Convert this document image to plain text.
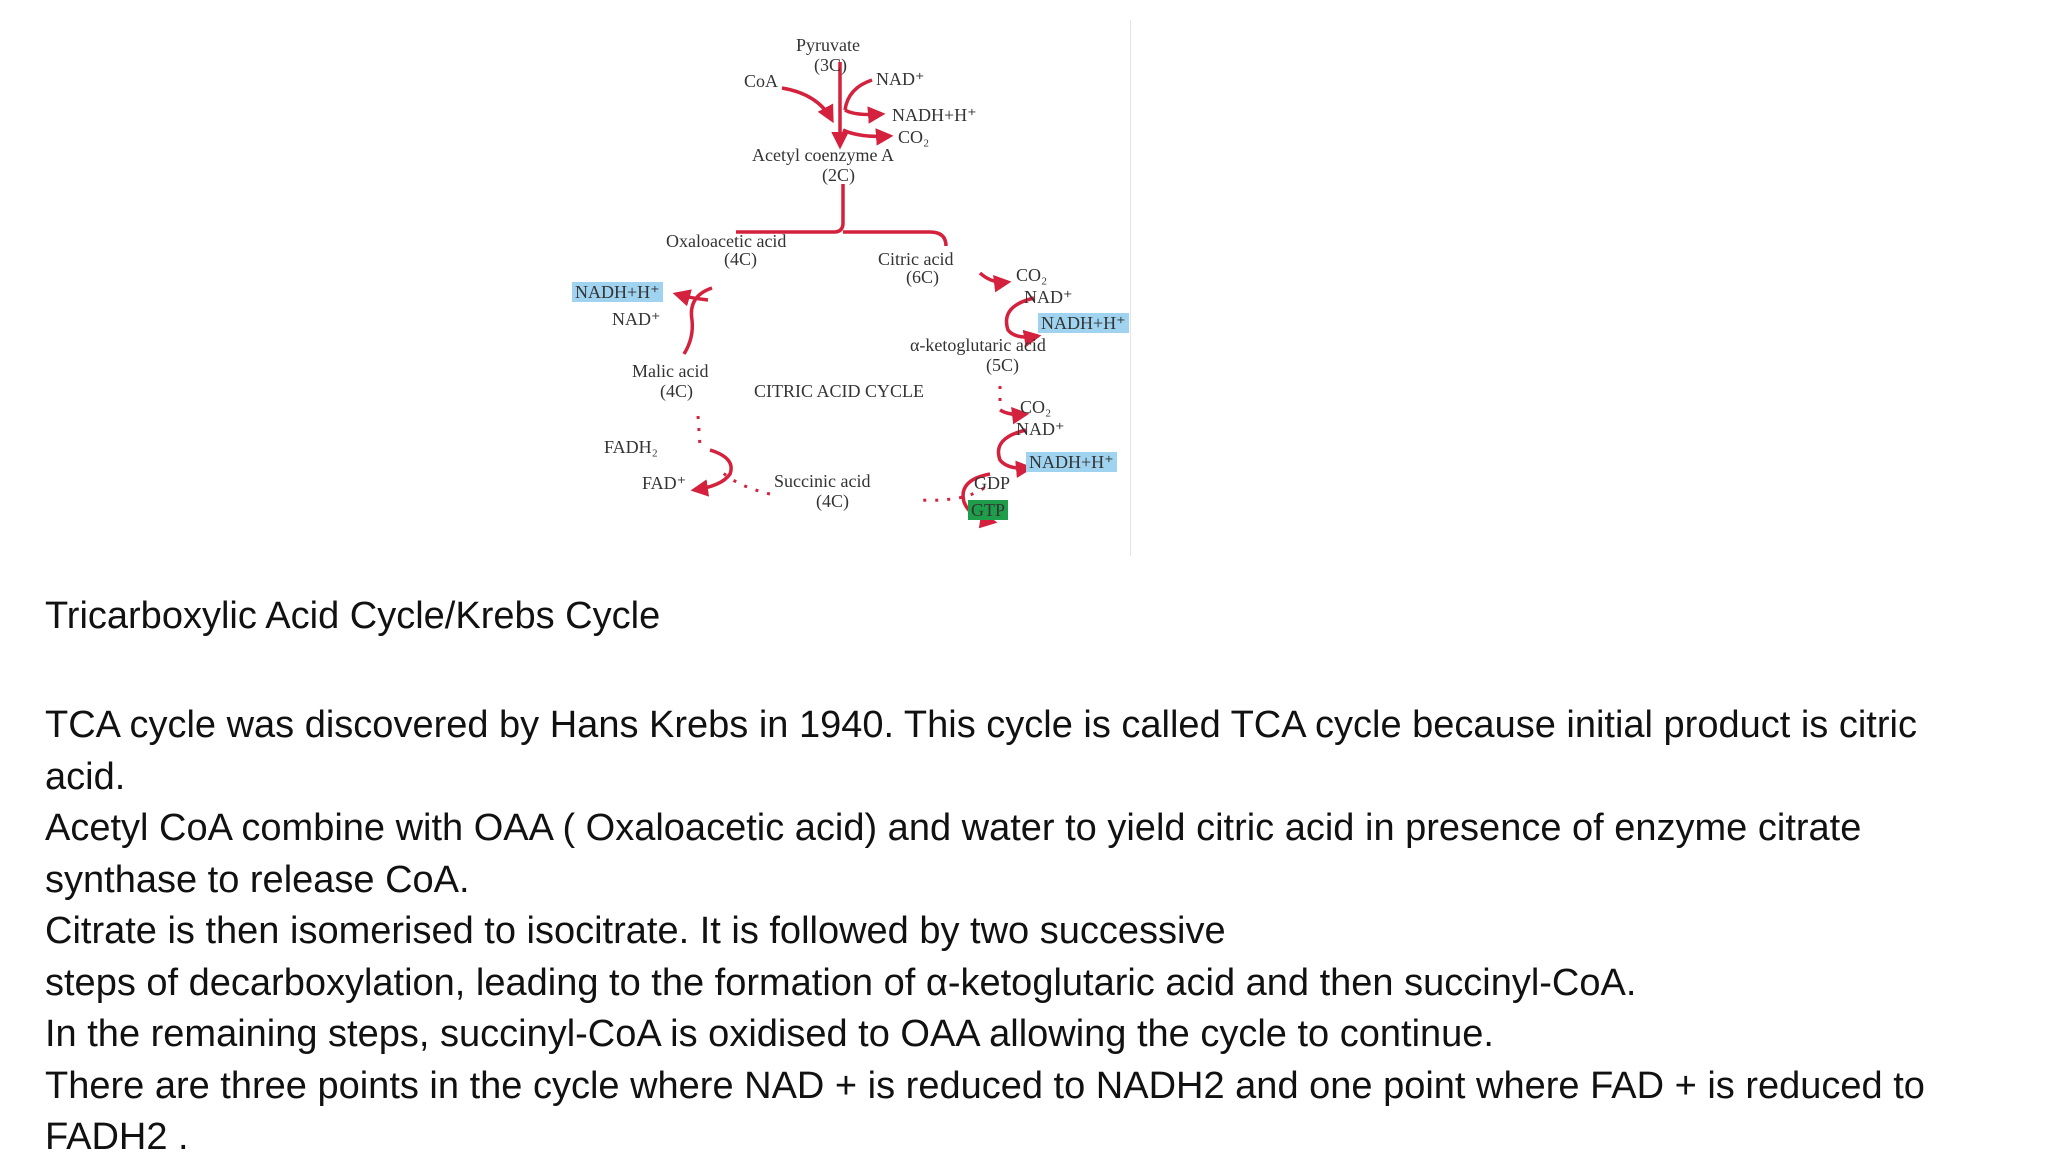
Pyruvate
(3C)
CoA	NAD⁺
NADH+H⁺
CO₂
Acetyl coenzyme A
(2C)
Oxaloacetic acid
(4C)	Citric acid
(6C)	CO₂
NAD⁺
NADH+H⁺
α-ketoglutaric acid
(5C)
CO₂
NAD⁺
NADH+H⁺
GDP
GTP
Succinic acid
(4C)
FADH₂
FAD⁺
Malic acid
(4C)
NADH+H⁺
NAD⁺
CITRIC ACID CYCLE
Tricarboxylic Acid Cycle/Krebs Cycle

TCA cycle was discovered by Hans Krebs in 1940. This cycle is called TCA cycle because initial product is citric acid.

Acetyl CoA combine with OAA ( Oxaloacetic acid) and water to yield citric acid in presence of enzyme citrate synthase to release CoA.

Citrate is then isomerised to isocitrate. It is followed by two successive

steps of decarboxylation, leading to the formation of α-ketoglutaric acid and then succinyl-CoA.

In the remaining steps, succinyl-CoA is oxidised to OAA allowing the cycle to continue.

There are three points in the cycle where NAD + is reduced to NADH2 and one point where FAD + is reduced to FADH2 .
